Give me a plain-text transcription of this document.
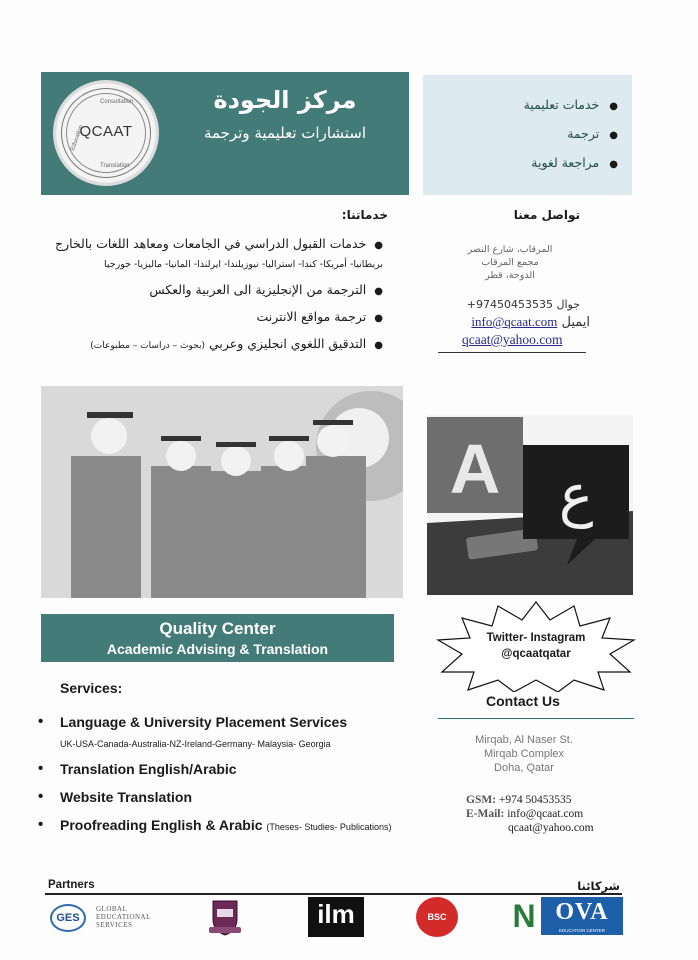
Consultation
Education
Translation
QCAAT
مركز الجودة
استشارات تعليمية وترجمة
● خدمات تعليمية
● ترجمة
● مراجعة لغوية
خدماتنا:
●خدمات القبول الدراسي في الجامعات ومعاهد اللغات بالخارج
بريطانيا- أمريكا- كندا- استراليا- نيوزيلندا- ايرلندا- المانيا- ماليزيا- جورجيا
●الترجمة من الإنجليزية الى العربية والعكس
●ترجمة مواقع الانترنت
●التدقيق اللغوي انجليزي وعربي (بحوث – دراسات – مطبوعات)
تواصل معنا
المرقاب، شارع النصر
مجمع المرقاب
الدوحة، قطر
+97450453535 جوال
info@qcaat.com ايميل
qcaat@yahoo.com
A ع
Quality Center
Academic Advising & Translation
Twitter- Instagram
@qcaatqatar
Services:
• Language & University Placement Services
UK-USA-Canada-Australia-NZ-Ireland-Germany- Malaysia- Georgia
• Translation English/Arabic
• Website Translation
• Proofreading English & Arabic (Theses- Studies- Publications)
Contact Us
Mirqab, Al Naser St.
Mirqab Complex
Doha, Qatar
GSM: +974 50453535
E-Mail: info@qcaat.com
qcaat@yahoo.com
Partners	شركائنا
GES
GLOBAL
EDUCATIONAL
SERVICES	ilm	BSC	N OVA
EDUCATION CENTER
